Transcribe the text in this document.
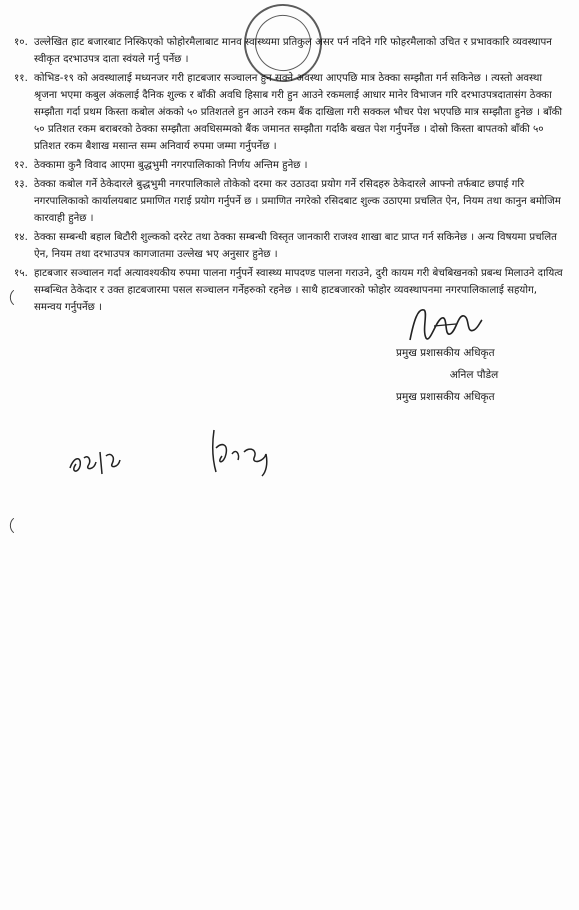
१०. उल्लेखित हाट बजारबाट निस्किएको फोहोरमैलाबाट मानव स्वास्थ्यमा प्रतिकुल असर पर्न नदिने गरि फोहरमैलाको उचित र प्रभावकारि व्यवस्थापन स्वीकृत दरभाउपत्र दाता स्वंयले गर्नु पर्नेछ ।
११. कोभिड-१९ को अवस्थालाई मध्यनजर गरी हाटबजार सञ्चालन हुन सक्ने अवस्था आएपछि मात्र ठेक्का सम्झौता गर्न सकिनेछ । त्यस्तो अवस्था श्रृजना भएमा कबुल अंकलाई दैनिक शुल्क र बाँकी अवधि हिसाब गरी हुन आउने रकमलाई आधार मानेर विभाजन गरि दरभाउपत्रदातासंग ठेक्का सम्झौता गर्दा प्रथम किस्ता कबोल अंकको ५० प्रतिशतले हुन आउने रकम बैंक दाखिला गरी सक्कल भौचर पेश भएपछि मात्र सम्झौता हुनेछ । बाँकी ५० प्रतिशत रकम बराबरको ठेक्का सम्झौता अवधिसम्मको बैंक जमानत सम्झौता गर्दाकै बखत पेश गर्नुपर्नेछ । दोस्रो किस्ता बापतको बाँकी ५० प्रतिशत रकम बैशाख मसान्त सम्म अनिवार्य रुपमा जम्मा गर्नुपर्नेछ ।
१२. ठेक्कामा कुनै विवाद आएमा बुद्धभुमी नगरपालिकाको निर्णय अन्तिम हुनेछ ।
१३. ठेक्का कबोल गर्ने ठेकेदारले बुद्धभुमी नगरपालिकाले तोकेको दरमा कर उठाउदा प्रयोग गर्ने रसिदहरु ठेकेदारले आफ्नो तर्फबाट छपाई गरि नगरपालिकाको कार्यालयबाट प्रमाणित गराई प्रयोग गर्नुपर्ने छ । प्रमाणित नगरेको रसिदबाट शुल्क उठाएमा प्रचलित ऐन, नियम तथा कानुन बमोजिम कारवाही हुनेछ ।
१४. ठेक्का सम्बन्धी बहाल बिटौरी शुल्कको दररेट तथा ठेक्का सम्बन्धी विस्तृत जानकारी राजश्व शाखा बाट प्राप्त गर्न सकिनेछ । अन्य विषयमा प्रचलित ऐन, नियम तथा दरभाउपत्र कागजातमा उल्लेख भए अनुसार हुनेछ ।
१५. हाटबजार सञ्चालन गर्दा अत्यावश्यकीय रुपमा पालना गर्नुपर्ने स्वास्थ्य मापदण्ड पालना गराउने, दुरी कायम गरी बेचबिखनको प्रबन्ध मिलाउने दायित्व सम्बन्धित ठेकेदार र उक्त हाटबजारमा पसल सञ्चालन गर्नेहरुको रहनेछ । साथै हाटबजारको फोहोर व्यवस्थापनमा नगरपालिकालाई सहयोग, समन्वय गर्नुपर्नेछ ।
प्रमुख प्रशासकीय अधिकृत
अनिल पौडेल
प्रमुख प्रशासकीय अधिकृत
